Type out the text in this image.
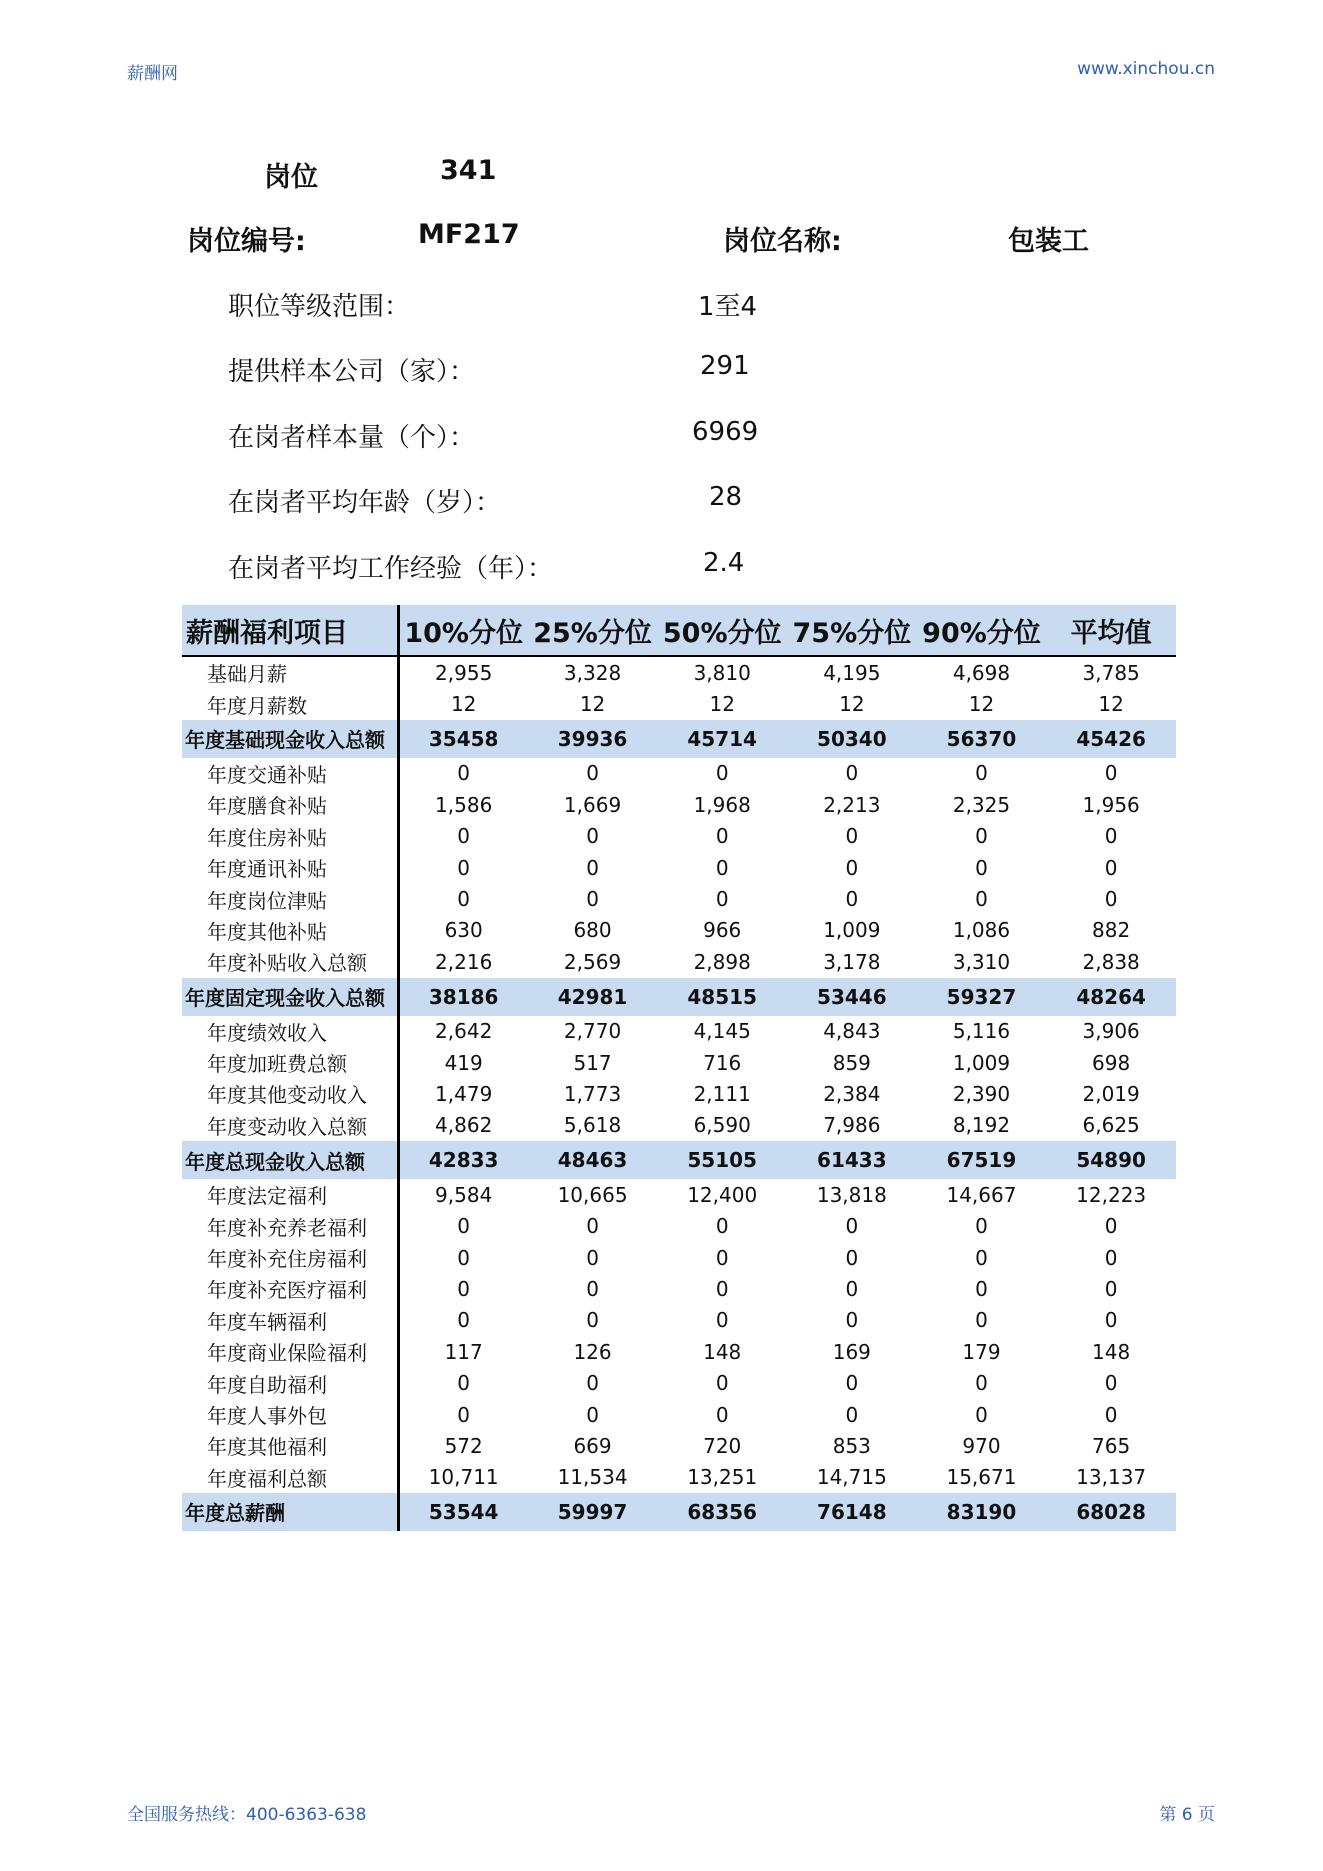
薪酬网	www.xinchou.cn
岗位	341
岗位编号:	MF217	岗位名称:	包装工
职位等级范围：	1至4
提供样本公司（家）：	291
在岗者样本量（个）：	6969
在岗者平均年龄（岁）：	28
在岗者平均工作经验（年）：	2.4
薪酬福利项目	10%分位	25%分位	50%分位	75%分位	90%分位	平均值
基础月薪	2,955	3,328	3,810	4,195	4,698	3,785
年度月薪数	12	12	12	12	12	12
年度基础现金收入总额	35458	39936	45714	50340	56370	45426
年度交通补贴	0	0	0	0	0	0
年度膳食补贴	1,586	1,669	1,968	2,213	2,325	1,956
年度住房补贴	0	0	0	0	0	0
年度通讯补贴	0	0	0	0	0	0
年度岗位津贴	0	0	0	0	0	0
年度其他补贴	630	680	966	1,009	1,086	882
年度补贴收入总额	2,216	2,569	2,898	3,178	3,310	2,838
年度固定现金收入总额	38186	42981	48515	53446	59327	48264
年度绩效收入	2,642	2,770	4,145	4,843	5,116	3,906
年度加班费总额	419	517	716	859	1,009	698
年度其他变动收入	1,479	1,773	2,111	2,384	2,390	2,019
年度变动收入总额	4,862	5,618	6,590	7,986	8,192	6,625
年度总现金收入总额	42833	48463	55105	61433	67519	54890
年度法定福利	9,584	10,665	12,400	13,818	14,667	12,223
年度补充养老福利	0	0	0	0	0	0
年度补充住房福利	0	0	0	0	0	0
年度补充医疗福利	0	0	0	0	0	0
年度车辆福利	0	0	0	0	0	0
年度商业保险福利	117	126	148	169	179	148
年度自助福利	0	0	0	0	0	0
年度人事外包	0	0	0	0	0	0
年度其他福利	572	669	720	853	970	765
年度福利总额	10,711	11,534	13,251	14,715	15,671	13,137
年度总薪酬	53544	59997	68356	76148	83190	68028
全国服务热线：400-6363-638	第 6 页
